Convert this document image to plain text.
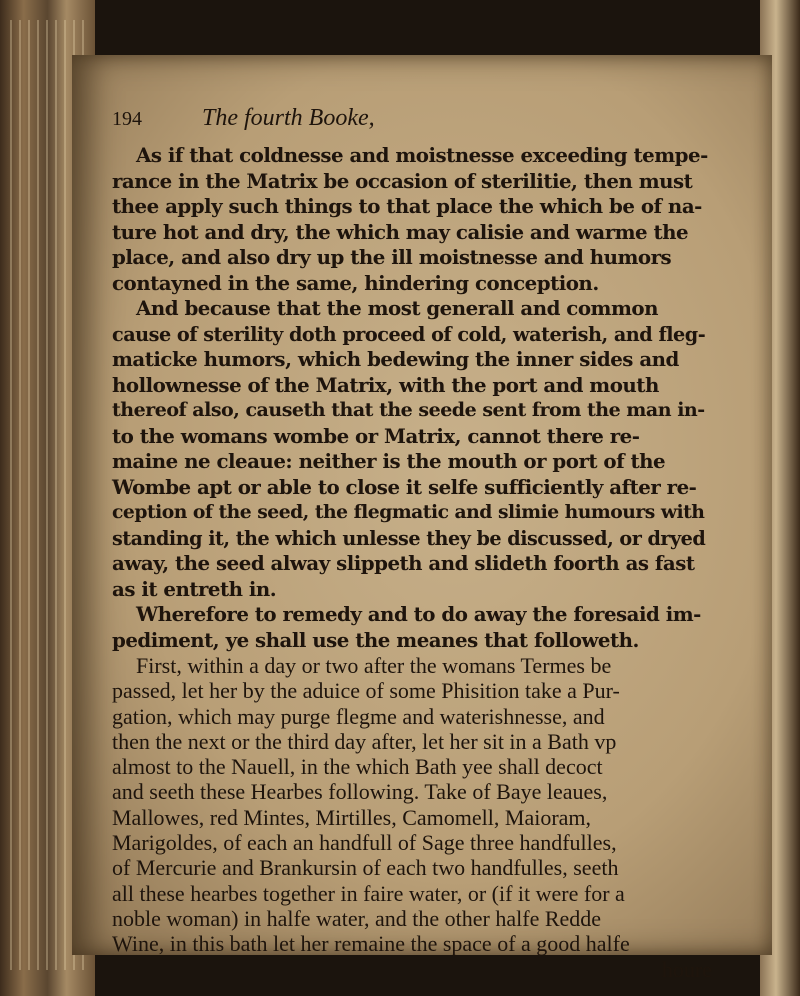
194	The fourth Booke,

As if that coldnesse and moistnesse exceeding tempe-

rance in the Matrix be occasion of sterilitie, then must

thee apply such things to that place the which be of na-

ture hot and dry, the which may calisie and warme the

place, and also dry up the ill moistnesse and humors

contayned in the same, hindering conception.

And because that the most generall and common

cause of sterility doth proceed of cold, waterish, and fleg-

maticke humors, which bedewing the inner sides and

hollownesse of the Matrix, with the port and mouth

thereof also, causeth that the seede sent from the man in-

to the womans wombe or Matrix, cannot there re-

maine ne cleaue: neither is the mouth or port of the

Wombe apt or able to close it selfe sufficiently after re-

ception of the seed, the flegmatic and slimie humours with

standing it, the which unlesse they be discussed, or dryed

away, the seed alway slippeth and slideth foorth as fast

as it entreth in.

Wherefore to remedy and to do away the foresaid im-

pediment, ye shall use the meanes that followeth.

First, within a day or two after the womans Termes be

passed, let her by the aduice of some Phisition take a Pur-

gation, which may purge flegme and waterishnesse, and

then the next or the third day after, let her sit in a Bath vp

almost to the Nauell, in the which Bath yee shall decoct

and seeth these Hearbes following. Take of Baye leaues,

Mallowes, red Mintes, Mirtilles, Camomell, Maioram,

Marigoldes, of each an handfull of Sage three handfulles,

of Mercurie and Brankursin of each two handfulles, seeth

all these hearbes together in faire water, or (if it were for a

noble woman) in halfe water, and the other halfe Redde

Wine, in this bath let her remaine the space of a good halfe

houre
